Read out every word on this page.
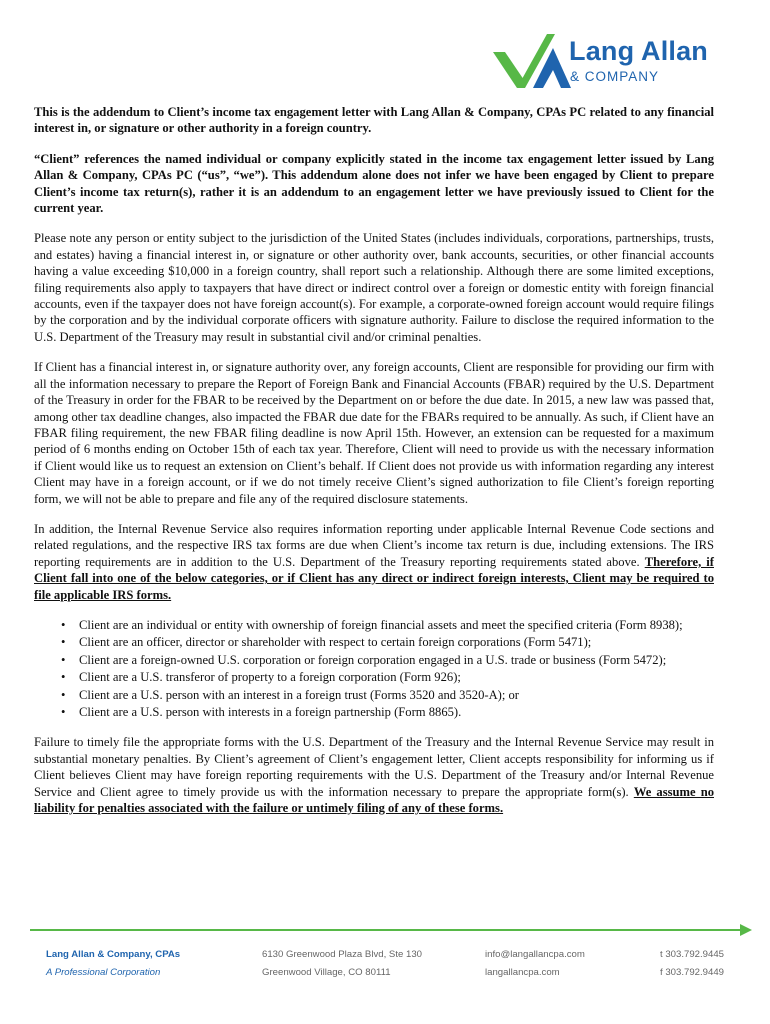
Lang Allan
& COMPANY

This is the addendum to Client’s income tax engagement letter with Lang Allan & Company, CPAs PC related to any financial interest in, or signature or other authority in a foreign country.

“Client” references the named individual or company explicitly stated in the income tax engagement letter issued by Lang Allan & Company, CPAs PC (“us”, “we”). This addendum alone does not infer we have been engaged by Client to prepare Client’s income tax return(s), rather it is an addendum to an engagement letter we have previously issued to Client for the current year.

Please note any person or entity subject to the jurisdiction of the United States (includes individuals, corporations, partnerships, trusts, and estates) having a financial interest in, or signature or other authority over, bank accounts, securities, or other financial accounts having a value exceeding $10,000 in a foreign country, shall report such a relationship. Although there are some limited exceptions, filing requirements also apply to taxpayers that have direct or indirect control over a foreign or domestic entity with foreign financial accounts, even if the taxpayer does not have foreign account(s). For example, a corporate-owned foreign account would require filings by the corporation and by the individual corporate officers with signature authority. Failure to disclose the required information to the U.S. Department of the Treasury may result in substantial civil and/or criminal penalties.

If Client has a financial interest in, or signature authority over, any foreign accounts, Client are responsible for providing our firm with all the information necessary to prepare the Report of Foreign Bank and Financial Accounts (FBAR) required by the U.S. Department of the Treasury in order for the FBAR to be received by the Department on or before the due date. In 2015, a new law was passed that, among other tax deadline changes, also impacted the FBAR due date for the FBARs required to be annually. As such, if Client have an FBAR filing requirement, the new FBAR filing deadline is now April 15th. However, an extension can be requested for a maximum period of 6 months ending on October 15th of each tax year. Therefore, Client will need to provide us with the necessary information if Client would like us to request an extension on Client’s behalf. If Client does not provide us with information regarding any interest Client may have in a foreign account, or if we do not timely receive Client’s signed authorization to file Client’s foreign reporting form, we will not be able to prepare and file any of the required disclosure statements.

In addition, the Internal Revenue Service also requires information reporting under applicable Internal Revenue Code sections and related regulations, and the respective IRS tax forms are due when Client’s income tax return is due, including extensions. The IRS reporting requirements are in addition to the U.S. Department of the Treasury reporting requirements stated above. Therefore, if Client fall into one of the below categories, or if Client has any direct or indirect foreign interests, Client may be required to file applicable IRS forms.

• Client are an individual or entity with ownership of foreign financial assets and meet the specified criteria (Form 8938);
• Client are an officer, director or shareholder with respect to certain foreign corporations (Form 5471);
• Client are a foreign-owned U.S. corporation or foreign corporation engaged in a U.S. trade or business (Form 5472);
• Client are a U.S. transferor of property to a foreign corporation (Form 926);
• Client are a U.S. person with an interest in a foreign trust (Forms 3520 and 3520-A); or
• Client are a U.S. person with interests in a foreign partnership (Form 8865).

Failure to timely file the appropriate forms with the U.S. Department of the Treasury and the Internal Revenue Service may result in substantial monetary penalties. By Client’s agreement of Client’s engagement letter, Client accepts responsibility for informing us if Client believes Client may have foreign reporting requirements with the U.S. Department of the Treasury and/or Internal Revenue Service and Client agree to timely provide us with the information necessary to prepare the appropriate form(s). We assume no liability for penalties associated with the failure or untimely filing of any of these forms.

Lang Allan & Company, CPAs
A Professional Corporation
6130 Greenwood Plaza Blvd, Ste 130
Greenwood Village, CO 80111
info@langallancpa.com
langallancpa.com
t 303.792.9445
f 303.792.9449
